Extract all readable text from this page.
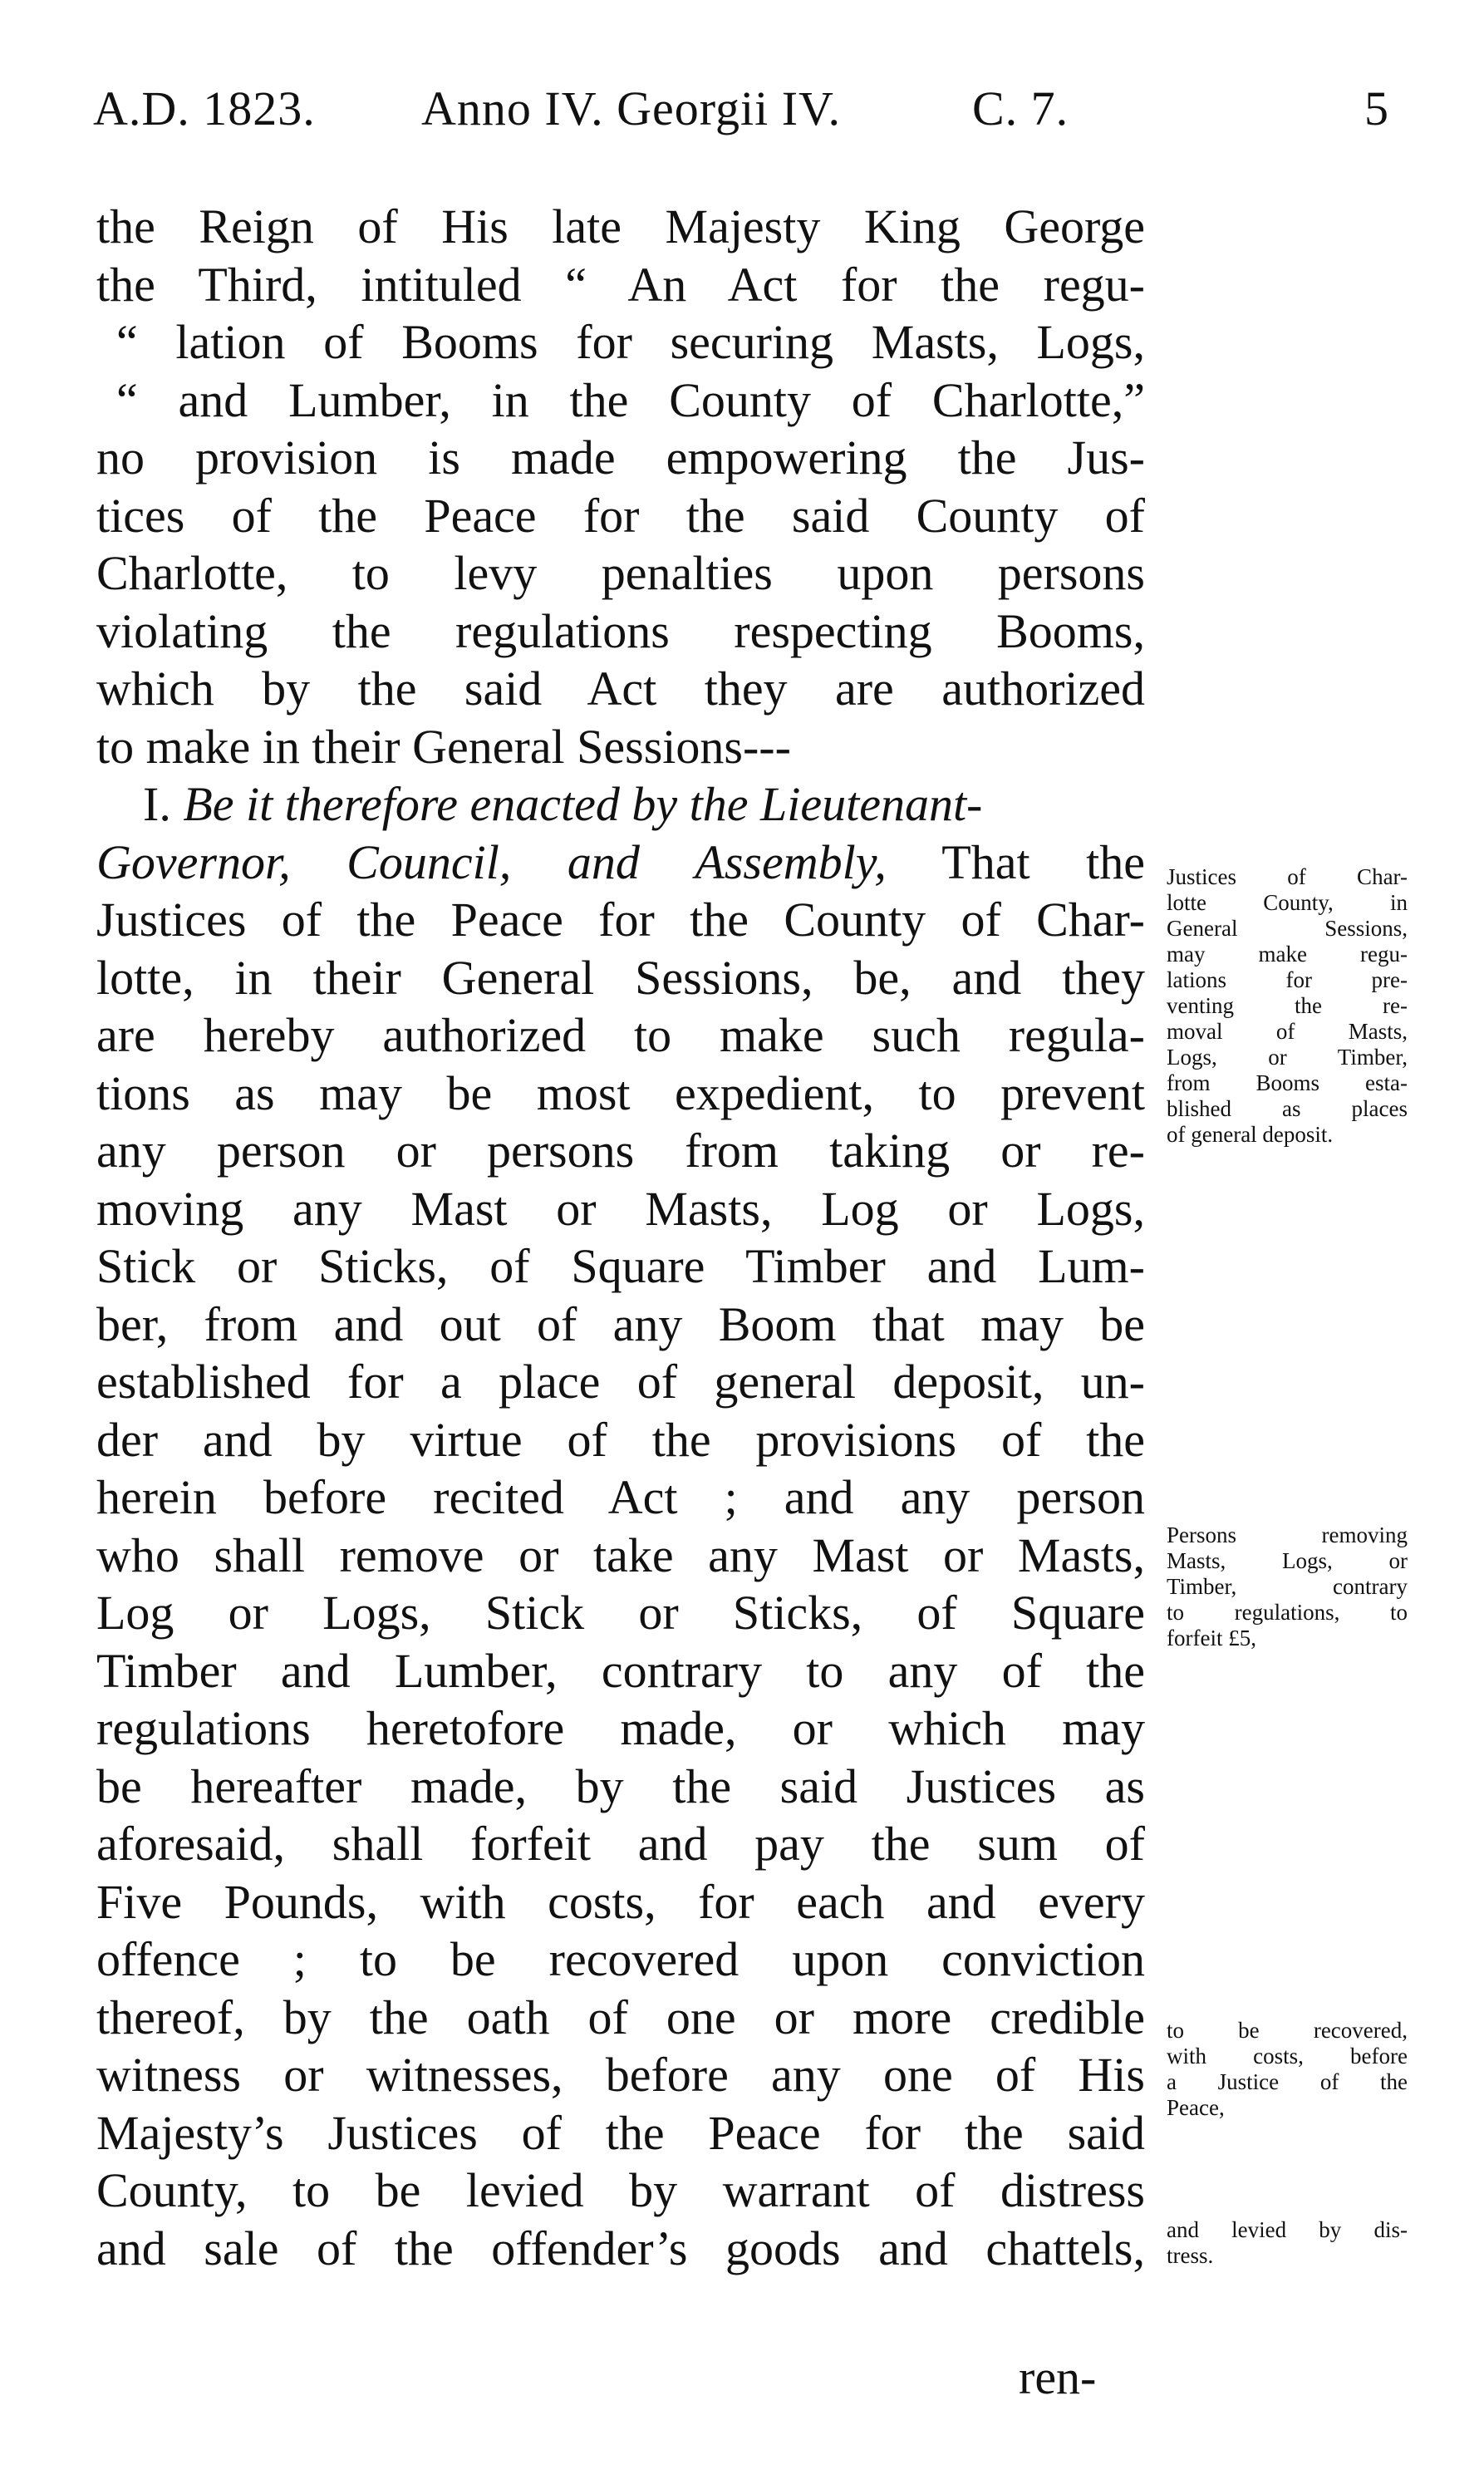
A.D. 1823. Anno IV. Georgii IV.	C. 7.	5
the Reign of His late Majesty King George
the Third, intituled “ An Act for the regu-
“ lation of Booms for securing Masts, Logs,
“ and Lumber, in the County of Charlotte,”
no provision is made empowering the Jus-
tices of the Peace for the said County of
Charlotte, to levy penalties upon persons
violating the regulations respecting Booms,
which by the said Act they are authorized
to make in their General Sessions---
I. Be it therefore enacted by the Lieutenant-
Governor, Council, and Assembly, That the
Justices of the Peace for the County of Char-
lotte, in their General Sessions, be, and they
are hereby authorized to make such regula-
tions as may be most expedient, to prevent
any person or persons from taking or re-
moving any Mast or Masts, Log or Logs,
Stick or Sticks, of Square Timber and Lum-
ber, from and out of any Boom that may be
established for a place of general deposit, un-
der and by virtue of the provisions of the
herein before recited Act ; and any person
who shall remove or take any Mast or Masts,
Log or Logs, Stick or Sticks, of Square
Timber and Lumber, contrary to any of the
regulations heretofore made, or which may
be hereafter made, by the said Justices as
aforesaid, shall forfeit and pay the sum of
Five Pounds, with costs, for each and every
offence ; to be recovered upon conviction
thereof, by the oath of one or more credible
witness or witnesses, before any one of His
Majesty’s Justices of the Peace for the said
County, to be levied by warrant of distress
and sale of the offender’s goods and chattels,
ren-
Justices of Char-
lotte County, in
General Sessions,
may make regu-
lations for pre-
venting the re-
moval of Masts,
Logs, or Timber,
from Booms esta-
blished as places
of general deposit.
Persons removing
Masts, Logs, or
Timber, contrary
to regulations, to
forfeit £5,
to be recovered,
with costs, before
a Justice of the
Peace,
and levied by dis-
tress.
